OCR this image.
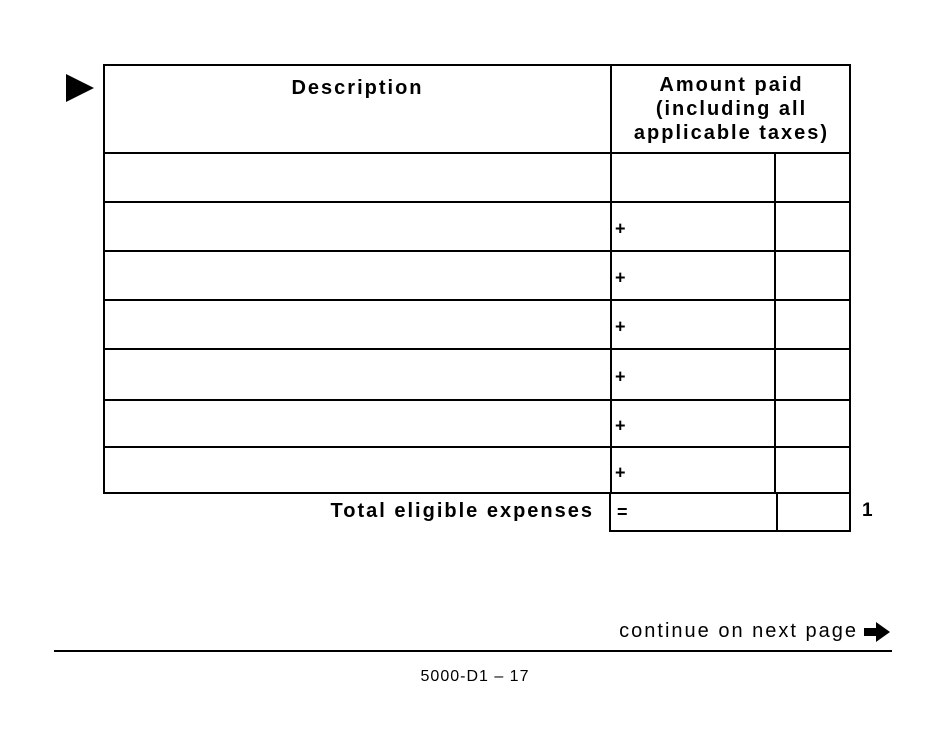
Description	Amount paid
(including all
applicable taxes)
+
+
+
+
+
+
Total eligible expenses =	1
continue on next page
5000-D1 – 17
